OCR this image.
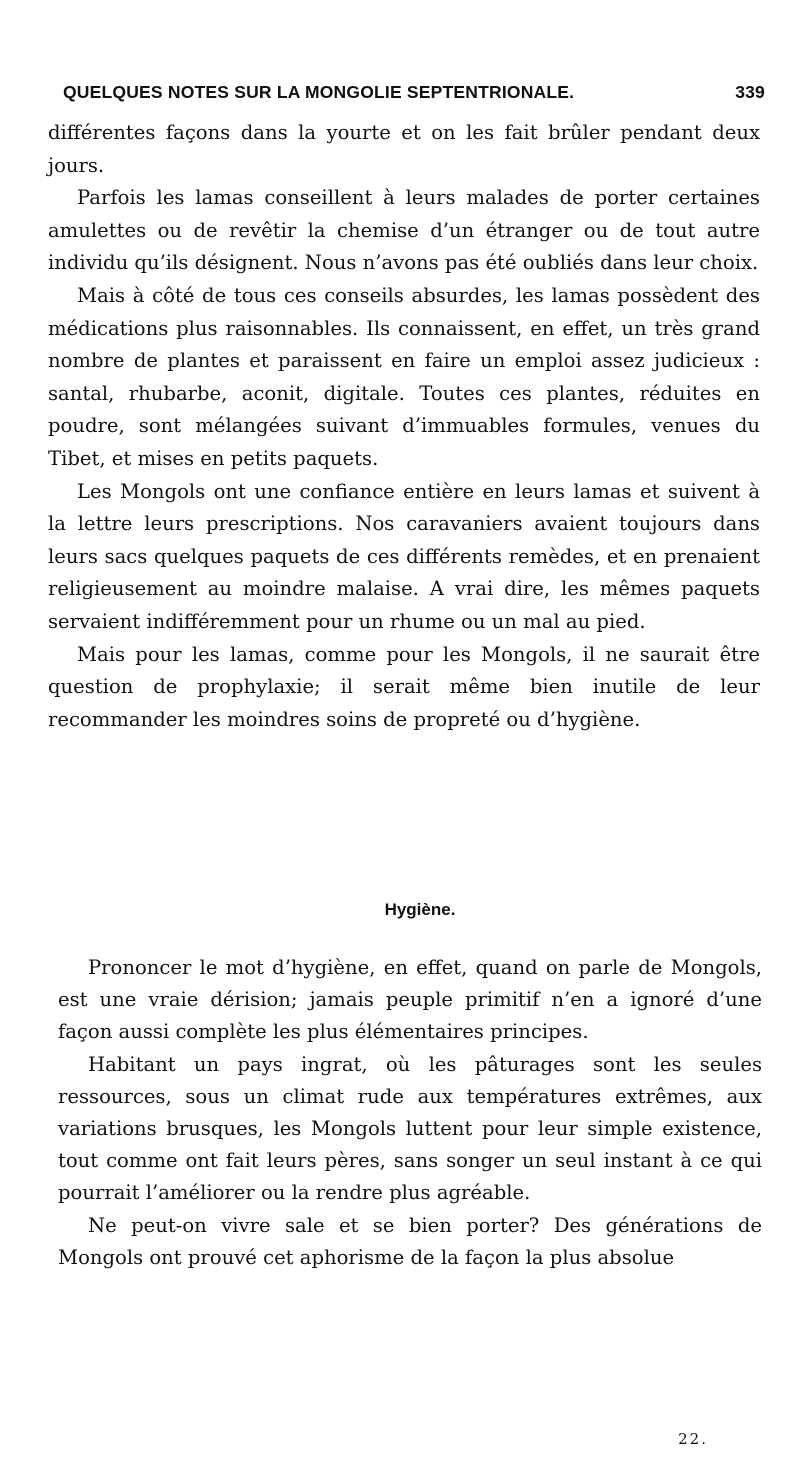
QUELQUES NOTES SUR LA MONGOLIE SEPTENTRIONALE.	339

différentes façons dans la yourte et on les fait brûler pendant deux jours.

Parfois les lamas conseillent à leurs malades de porter certaines amulettes ou de revêtir la chemise d’un étranger ou de tout autre individu qu’ils désignent. Nous n’avons pas été oubliés dans leur choix.

Mais à côté de tous ces conseils absurdes, les lamas possèdent des médications plus raisonnables. Ils connaissent, en effet, un très grand nombre de plantes et paraissent en faire un emploi assez judicieux : santal, rhubarbe, aconit, digitale. Toutes ces plantes, réduites en poudre, sont mélangées suivant d’immuables formules, venues du Tibet, et mises en petits paquets.

Les Mongols ont une confiance entière en leurs lamas et suivent à la lettre leurs prescriptions. Nos caravaniers avaient toujours dans leurs sacs quelques paquets de ces différents remèdes, et en prenaient religieusement au moindre malaise. A vrai dire, les mêmes paquets servaient indifféremment pour un rhume ou un mal au pied.

Mais pour les lamas, comme pour les Mongols, il ne saurait être question de prophylaxie; il serait même bien inutile de leur recommander les moindres soins de propreté ou d’hygiène.

Hygiène.

Prononcer le mot d’hygiène, en effet, quand on parle de Mongols, est une vraie dérision; jamais peuple primitif n’en a ignoré d’une façon aussi complète les plus élémentaires principes.

Habitant un pays ingrat, où les pâturages sont les seules ressources, sous un climat rude aux températures extrêmes, aux variations brusques, les Mongols luttent pour leur simple existence, tout comme ont fait leurs pères, sans songer un seul instant à ce qui pourrait l’améliorer ou la rendre plus agréable.

Ne peut-on vivre sale et se bien porter? Des générations de Mongols ont prouvé cet aphorisme de la façon la plus absolue

22.
